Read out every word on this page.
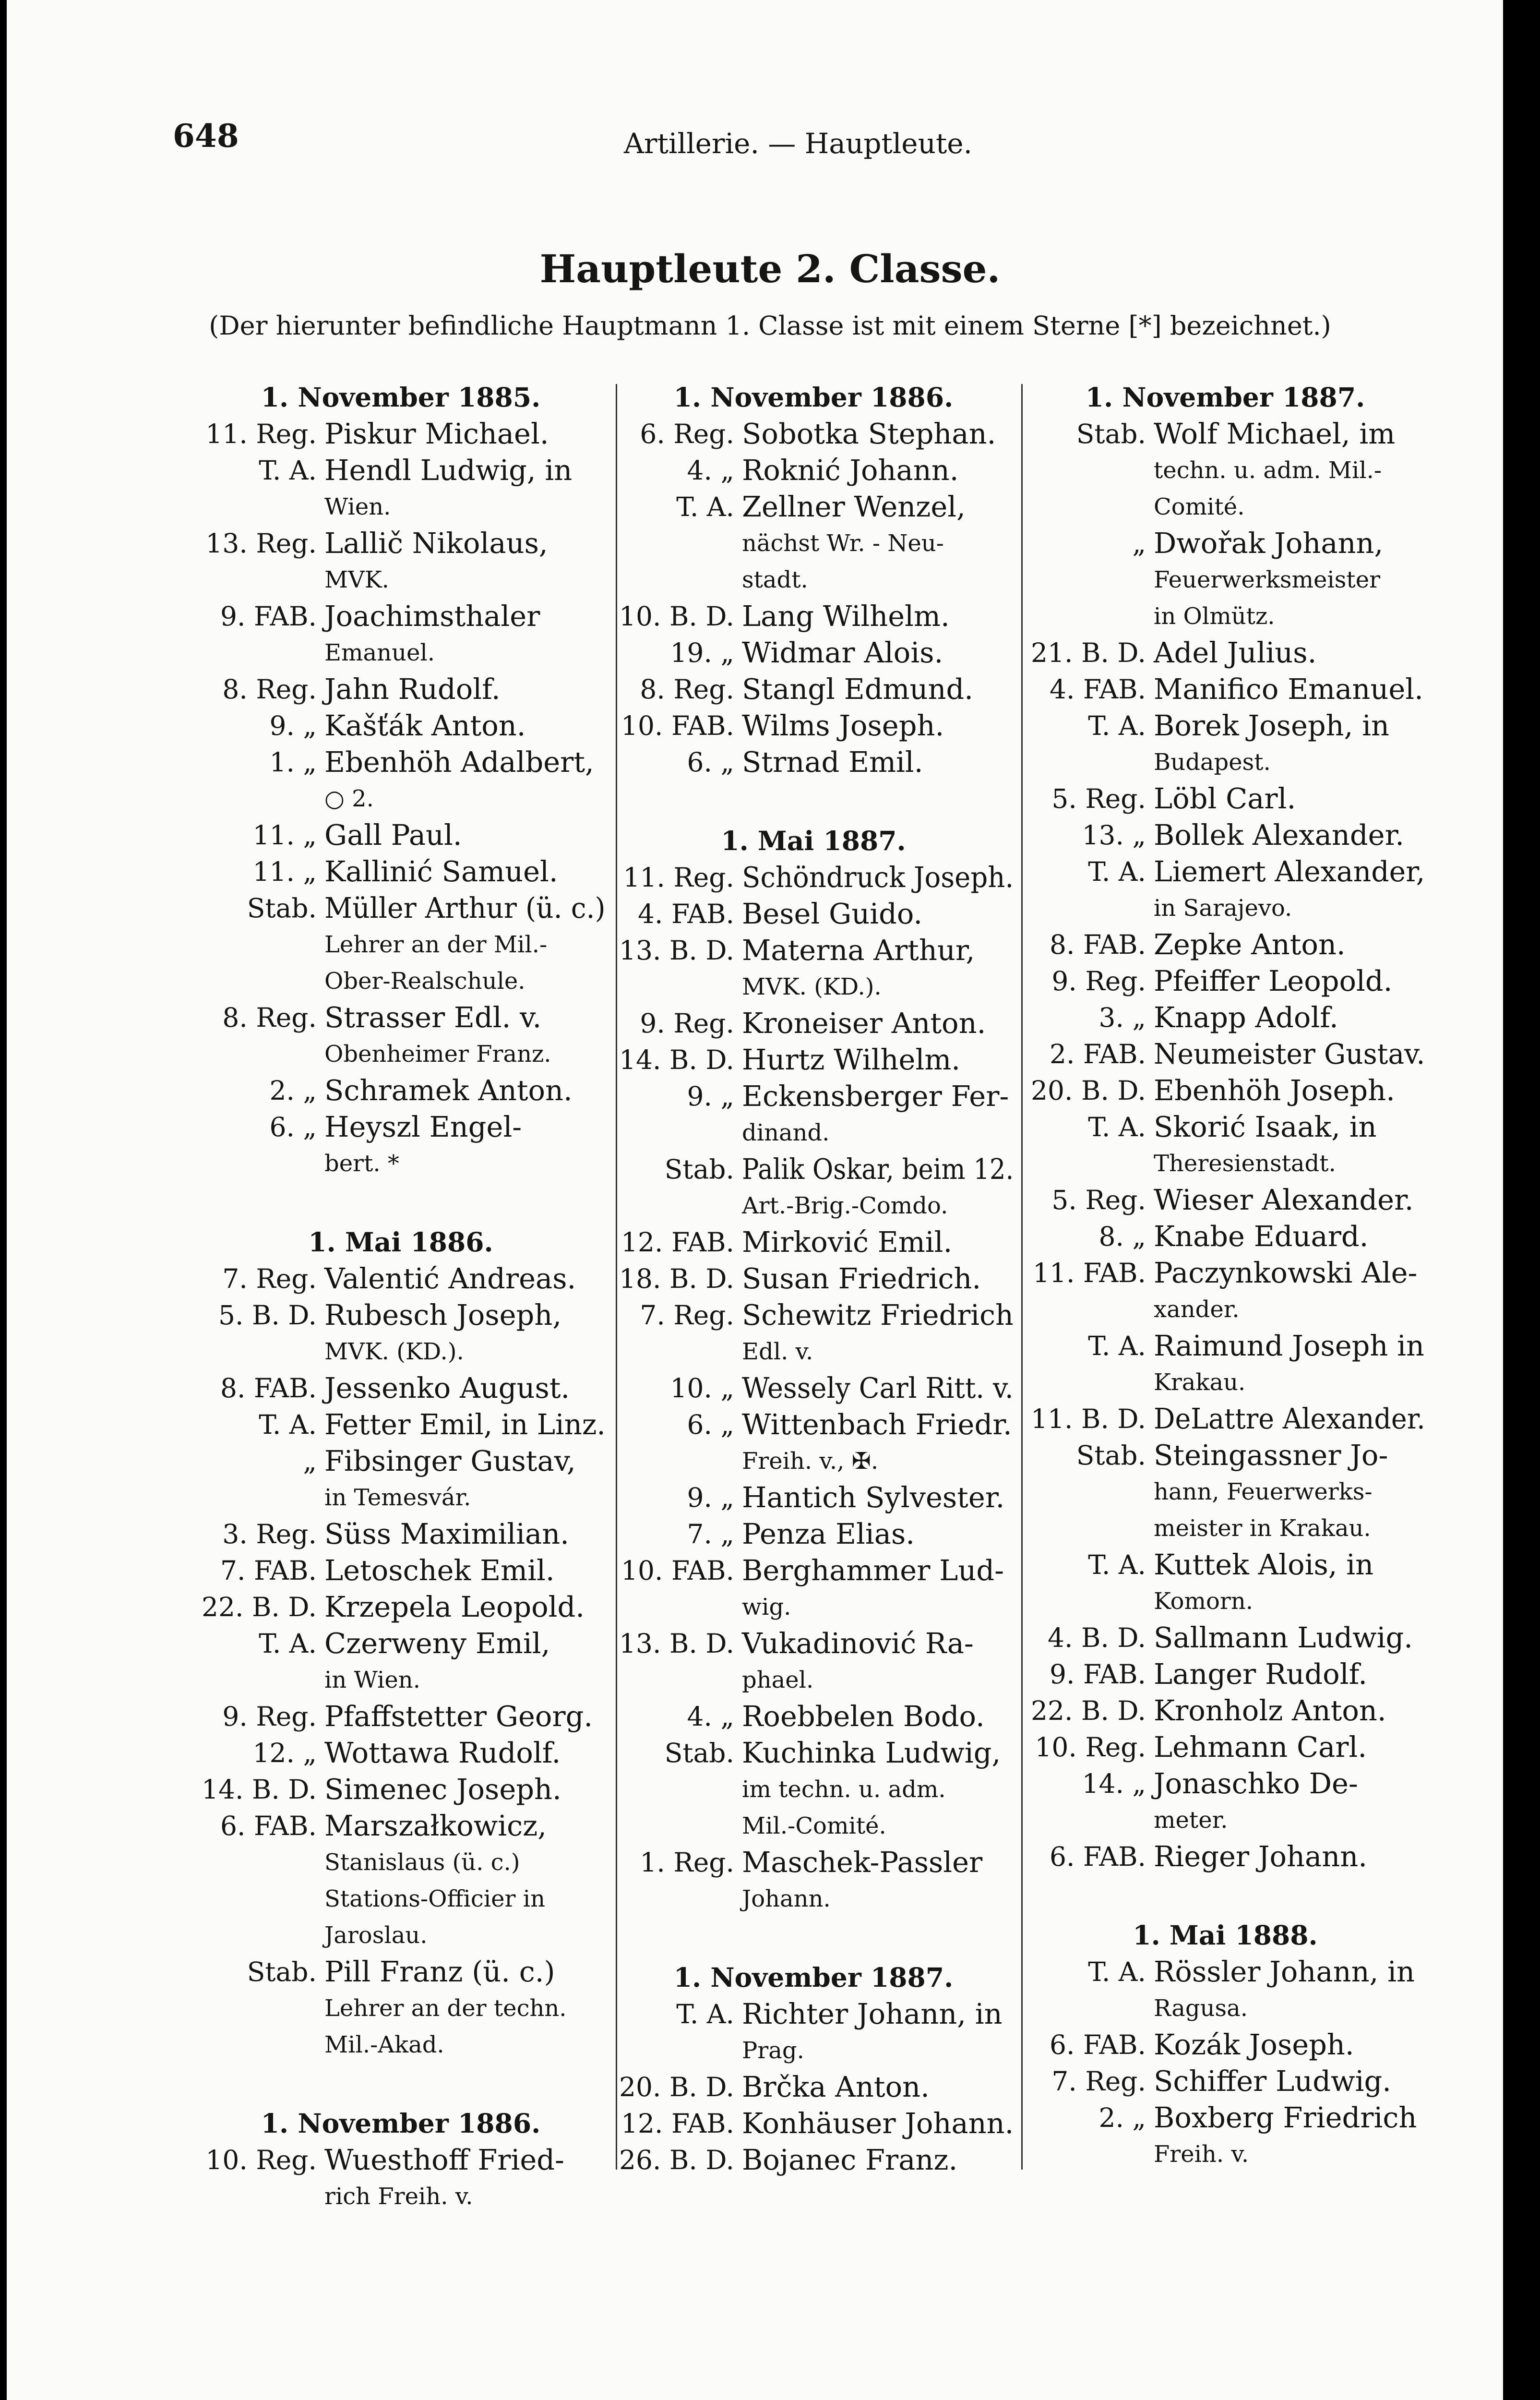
648	Artillerie. — Hauptleute.
Hauptleute 2. Classe.
(Der hierunter befindliche Hauptmann 1. Classe ist mit einem Sterne [*] bezeichnet.)
1. November 1885.
11. Reg. Piskur Michael.
T. A. Hendl Ludwig, in
Wien.
13. Reg. Lallič Nikolaus,
MVK.
9. FAB. Joachimsthaler
Emanuel.
8. Reg. Jahn Rudolf.
9. „ Kašťák Anton.
1. „ Ebenhöh Adalbert,
○ 2.
11. „ Gall Paul.
11. „ Kallinić Samuel.
Stab. Müller Arthur (ü. c.)
Lehrer an der Mil.-
Ober-Realschule.
8. Reg. Strasser Edl. v.
Obenheimer Franz.
2. „ Schramek Anton.
6. „ Heyszl Engel-
bert. *
1. Mai 1886.
7. Reg. Valentić Andreas.
5. B. D. Rubesch Joseph,
MVK. (KD.).
8. FAB. Jessenko August.
T. A. Fetter Emil, in Linz.
„ Fibsinger Gustav,
in Temesvár.
3. Reg. Süss Maximilian.
7. FAB. Letoschek Emil.
22. B. D. Krzepela Leopold.
T. A. Czerweny Emil,
in Wien.
9. Reg. Pfaffstetter Georg.
12. „ Wottawa Rudolf.
14. B. D. Simenec Joseph.
6. FAB. Marszałkowicz,
Stanislaus (ü. c.)
Stations-Officier in
Jaroslau.
Stab. Pill Franz (ü. c.)
Lehrer an der techn.
Mil.-Akad.
1. November 1886.
10. Reg. Wuesthoff Fried-
rich Freih. v.
1. November 1886.
6. Reg. Sobotka Stephan.
4. „ Roknić Johann.
T. A. Zellner Wenzel,
nächst Wr. - Neu-
stadt.
10. B. D. Lang Wilhelm.
19. „ Widmar Alois.
8. Reg. Stangl Edmund.
10. FAB. Wilms Joseph.
6. „ Strnad Emil.
1. Mai 1887.
11. Reg. Schöndruck Joseph.
4. FAB. Besel Guido.
13. B. D. Materna Arthur,
MVK. (KD.).
9. Reg. Kroneiser Anton.
14. B. D. Hurtz Wilhelm.
9. „ Eckensberger Fer-
dinand.
Stab. Palik Oskar, beim 12.
Art.-Brig.-Comdo.
12. FAB. Mirković Emil.
18. B. D. Susan Friedrich.
7. Reg. Schewitz Friedrich
Edl. v.
10. „ Wessely Carl Ritt. v.
6. „ Wittenbach Friedr.
Freih. v., ✠.
9. „ Hantich Sylvester.
7. „ Penza Elias.
10. FAB. Berghammer Lud-
wig.
13. B. D. Vukadinović Ra-
phael.
4. „ Roebbelen Bodo.
Stab. Kuchinka Ludwig,
im techn. u. adm.
Mil.-Comité.
1. Reg. Maschek-Passler
Johann.
1. November 1887.
T. A. Richter Johann, in
Prag.
20. B. D. Brčka Anton.
12. FAB. Konhäuser Johann.
26. B. D. Bojanec Franz.
1. November 1887.
Stab. Wolf Michael, im
techn. u. adm. Mil.-
Comité.
„ Dwořak Johann,
Feuerwerksmeister
in Olmütz.
21. B. D. Adel Julius.
4. FAB. Manifico Emanuel.
T. A. Borek Joseph, in
Budapest.
5. Reg. Löbl Carl.
13. „ Bollek Alexander.
T. A. Liemert Alexander,
in Sarajevo.
8. FAB. Zepke Anton.
9. Reg. Pfeiffer Leopold.
3. „ Knapp Adolf.
2. FAB. Neumeister Gustav.
20. B. D. Ebenhöh Joseph.
T. A. Skorić Isaak, in
Theresienstadt.
5. Reg. Wieser Alexander.
8. „ Knabe Eduard.
11. FAB. Paczynkowski Ale-
xander.
T. A. Raimund Joseph in
Krakau.
11. B. D. DeLattre Alexander.
Stab. Steingassner Jo-
hann, Feuerwerks-
meister in Krakau.
T. A. Kuttek Alois, in
Komorn.
4. B. D. Sallmann Ludwig.
9. FAB. Langer Rudolf.
22. B. D. Kronholz Anton.
10. Reg. Lehmann Carl.
14. „ Jonaschko De-
meter.
6. FAB. Rieger Johann.
1. Mai 1888.
T. A. Rössler Johann, in
Ragusa.
6. FAB. Kozák Joseph.
7. Reg. Schiffer Ludwig.
2. „ Boxberg Friedrich
Freih. v.
